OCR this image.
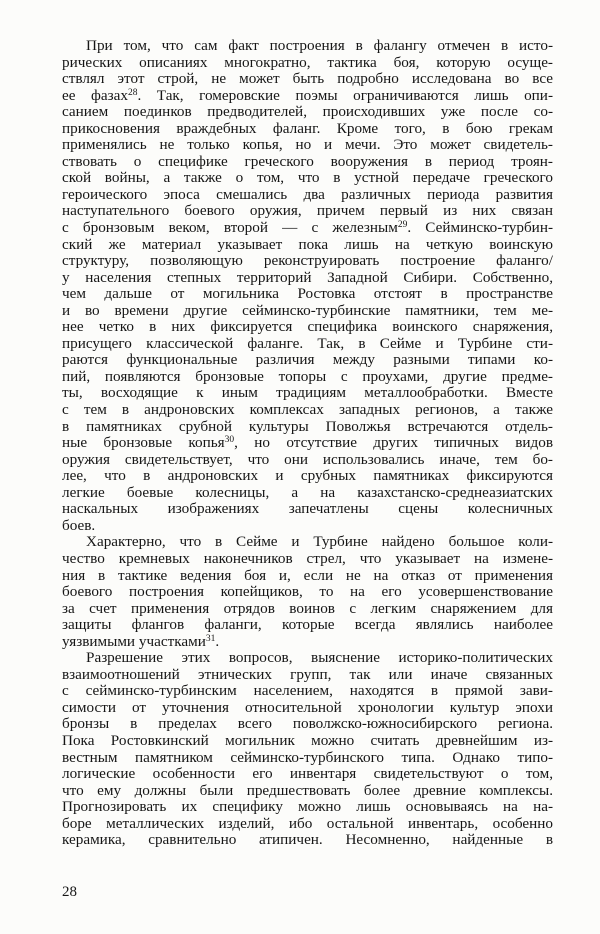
При том, что сам факт построения в фалангу отмечен в исто-
рических описаниях многократно, тактика боя, которую осуще-
ствлял этот строй, не может быть подробно исследована во все
ее фазах$^{28}$. Так, гомеровские поэмы ограничиваются лишь опи-
санием поединков предводителей, происходивших уже после со-
прикосновения враждебных фаланг. Кроме того, в бою грекам
применялись не только копья, но и мечи. Это может свидетель-
ствовать о специфике греческого вооружения в период троян-
ской войны, а также о том, что в устной передаче греческого
героического эпоса смешались два различных периода развития
наступательного боевого оружия, причем первый из них связан
с бронзовым веком, второй — с железным$^{29}$. Сейминско-турбин-
ский же материал указывает пока лишь на четкую воинскую
структуру, позволяющую реконструировать построение фаланго/
у населения степных территорий Западной Сибири. Собственно,
чем дальше от могильника Ростовка отстоят в пространстве
и во времени другие сейминско-турбинские памятники, тем ме-
нее четко в них фиксируется специфика воинского снаряжения,
присущего классической фаланге. Так, в Сейме и Турбине сти-
раются функциональные различия между разными типами ко-
пий, появляются бронзовые топоры с проухами, другие предме-
ты, восходящие к иным традициям металлообработки. Вместе
с тем в андроновских комплексах западных регионов, а также
в памятниках срубной культуры Поволжья встречаются отдель-
ные бронзовые копья$^{30}$, но отсутствие других типичных видов
оружия свидетельствует, что они использовались иначе, тем бо-
лее, что в андроновских и срубных памятниках фиксируются
легкие боевые колесницы, а на казахстанско-среднеазиатских
наскальных изображениях запечатлены сцены колесничных
боев.
Характерно, что в Сейме и Турбине найдено большое коли-
чество кремневых наконечников стрел, что указывает на измене-
ния в тактике ведения боя и, если не на отказ от применения
боевого построения копейщиков, то на его усовершенствование
за счет применения отрядов воинов с легким снаряжением для
защиты флангов фаланги, которые всегда являлись наиболее
уязвимыми участками$^{31}$.
Разрешение этих вопросов, выяснение историко-политических
взаимоотношений этнических групп, так или иначе связанных
с сейминско-турбинским населением, находятся в прямой зави-
симости от уточнения относительной хронологии культур эпохи
бронзы в пределах всего поволжско-южносибирского региона.
Пока Ростовкинский могильник можно считать древнейшим из-
вестным памятником сейминско-турбинского типа. Однако типо-
логические особенности его инвентаря свидетельствуют о том,
что ему должны были предшествовать более древние комплексы.
Прогнозировать их специфику можно лишь основываясь на на-
боре металлических изделий, ибо остальной инвентарь, особенно
керамика, сравнительно атипичен. Несомненно, найденные в
28
